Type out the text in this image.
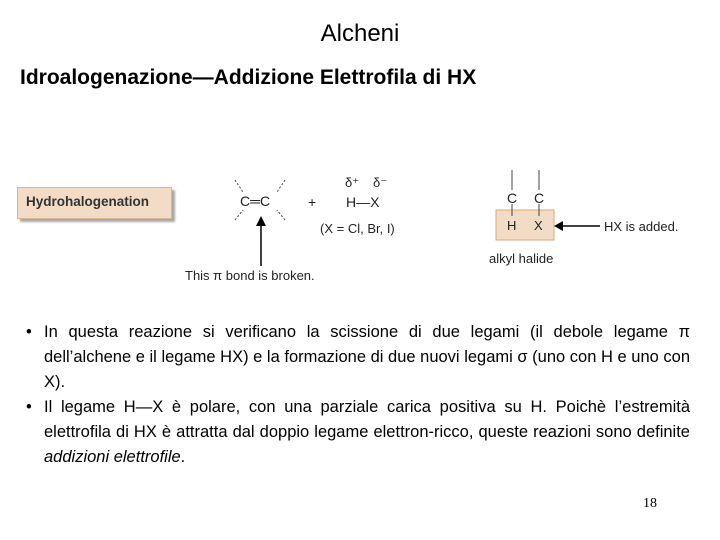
Alcheni
Idroalogenazione—Addizione Elettrofila di HX
Hydrohalogenation	C═C	+
δ⁺ δ⁻
H—X
(X = Cl, Br, I)
This π bond is broken.
C C
H X	HX is added.
alkyl halide
• In questa reazione si verificano la scissione di due legami (il debole legame π dell’alchene e il legame HX) e la formazione di due nuovi legami σ (uno con H e uno con X).
• Il legame H—X è polare, con una parziale carica positiva su H. Poichè l’estremità elettrofila di HX è attratta dal doppio legame elettron-ricco, queste reazioni sono definite addizioni elettrofile.
18
